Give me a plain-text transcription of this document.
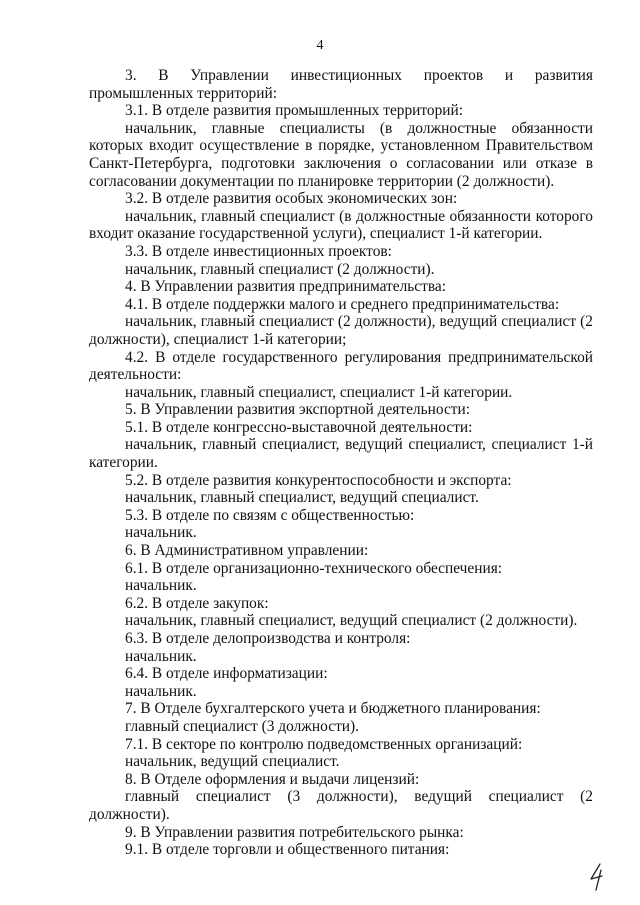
4

3. В Управлении инвестиционных проектов и развития промышленных территорий:

3.1. В отделе развития промышленных территорий:

начальник, главные специалисты (в должностные обязанности которых входит осуществление в порядке, установленном Правительством Санкт-Петербурга, подготовки заключения о согласовании или отказе в согласовании документации по планировке территории (2 должности).

3.2. В отделе развития особых экономических зон:

начальник, главный специалист (в должностные обязанности которого входит оказание государственной услуги), специалист 1-й категории.

3.3. В отделе инвестиционных проектов:

начальник, главный специалист (2 должности).

4. В Управлении развития предпринимательства:

4.1. В отделе поддержки малого и среднего предпринимательства:

начальник, главный специалист (2 должности), ведущий специалист (2 должности), специалист 1-й категории;

4.2. В отделе государственного регулирования предпринимательской деятельности:

начальник, главный специалист, специалист 1-й категории.

5. В Управлении развития экспортной деятельности:

5.1. В отделе конгрессно-выставочной деятельности:

начальник, главный специалист, ведущий специалист, специалист 1-й категории.

5.2. В отделе развития конкурентоспособности и экспорта:

начальник, главный специалист, ведущий специалист.

5.3. В отделе по связям с общественностью:

начальник.

6. В Административном управлении:

6.1. В отделе организационно-технического обеспечения:

начальник.

6.2. В отделе закупок:

начальник, главный специалист, ведущий специалист (2 должности).

6.3. В отделе делопроизводства и контроля:

начальник.

6.4. В отделе информатизации:

начальник.

7. В Отделе бухгалтерского учета и бюджетного планирования:

главный специалист (3 должности).

7.1. В секторе по контролю подведомственных организаций:

начальник, ведущий специалист.

8. В Отделе оформления и выдачи лицензий:

главный специалист (3 должности), ведущий специалист (2 должности).

9. В Управлении развития потребительского рынка:

9.1. В отделе торговли и общественного питания:
